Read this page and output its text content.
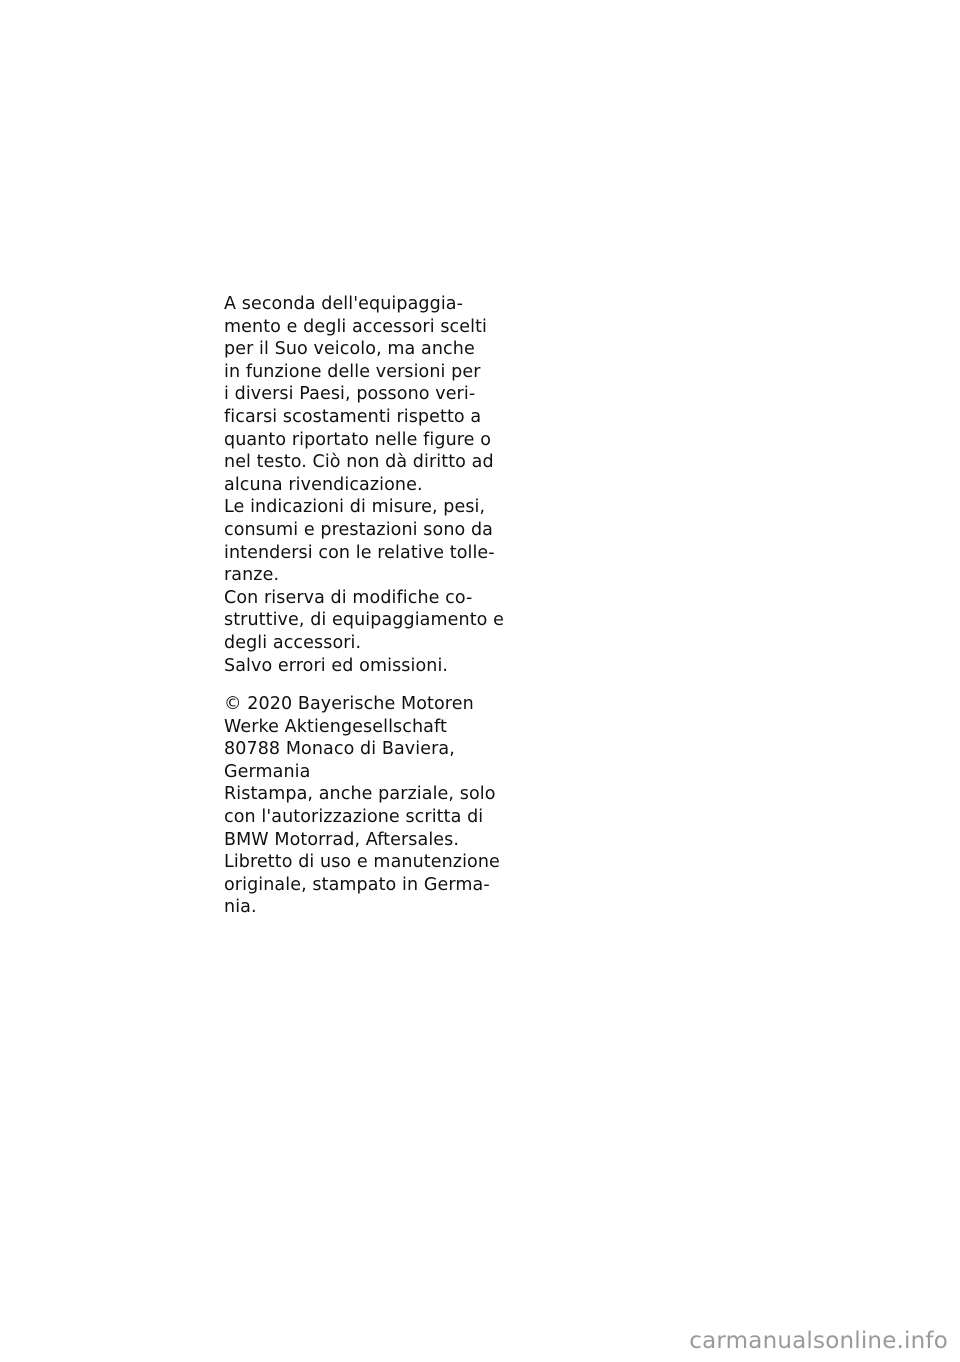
A seconda dell'equipaggia-
mento e degli accessori scelti
per il Suo veicolo, ma anche
in funzione delle versioni per
i diversi Paesi, possono veri-
ficarsi scostamenti rispetto a
quanto riportato nelle figure o
nel testo. Ciò non dà diritto ad
alcuna rivendicazione.
Le indicazioni di misure, pesi,
consumi e prestazioni sono da
intendersi con le relative tolle-
ranze.
Con riserva di modifiche co-
struttive, di equipaggiamento e
degli accessori.
Salvo errori ed omissioni.
© 2020 Bayerische Motoren
Werke Aktiengesellschaft
80788 Monaco di Baviera,
Germania
Ristampa, anche parziale, solo
con l'autorizzazione scritta di
BMW Motorrad, Aftersales.
Libretto di uso e manutenzione
originale, stampato in Germa-
nia.
carmanualsonline.info
